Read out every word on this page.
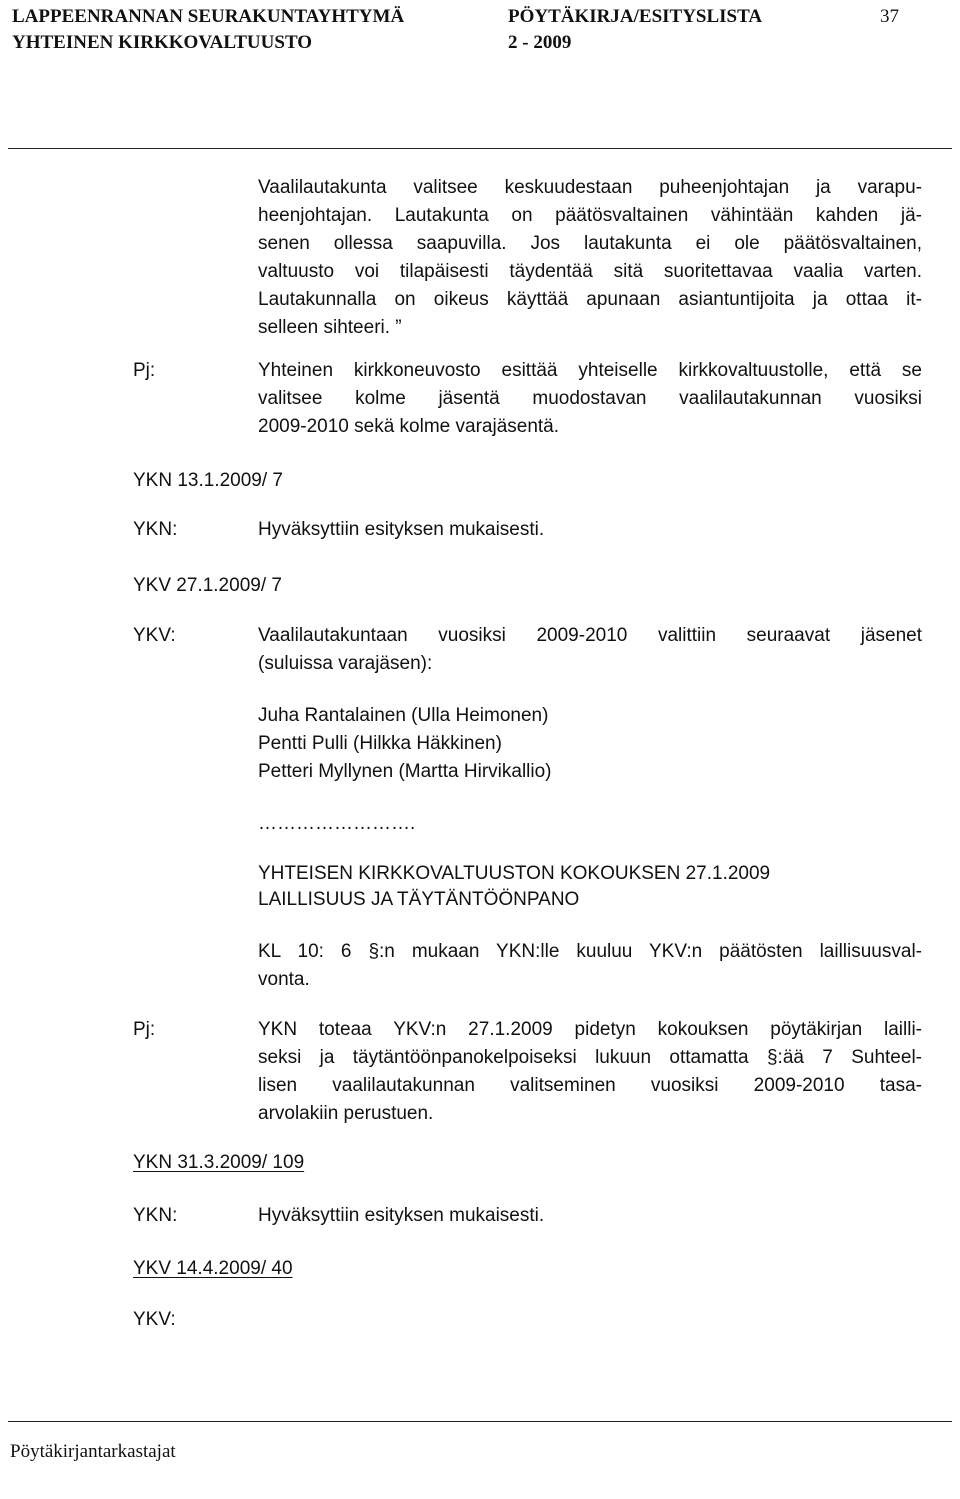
LAPPEENRANNAN SEURAKUNTAYHTYMÄ
YHTEINEN KIRKKOVALTUUSTO
PÖYTÄKIRJA/ESITYSLISTA
2 - 2009
37
Vaalilautakunta valitsee keskuudestaan puheenjohtajan ja varapu-
heenjohtajan. Lautakunta on päätösvaltainen vähintään kahden jä-
senen ollessa saapuvilla. Jos lautakunta ei ole päätösvaltainen,
valtuusto voi tilapäisesti täydentää sitä suoritettavaa vaalia varten.
Lautakunnalla on oikeus käyttää apunaan asiantuntijoita ja ottaa it-
selleen sihteeri. ”
Pj:	Yhteinen kirkkoneuvosto esittää yhteiselle kirkkovaltuustolle, että se
valitsee kolme jäsentä muodostavan vaalilautakunnan vuosiksi
2009-2010 sekä kolme varajäsentä.
YKN 13.1.2009/ 7
YKN:	Hyväksyttiin esityksen mukaisesti.
YKV 27.1.2009/ 7
YKV:	Vaalilautakuntaan vuosiksi 2009-2010 valittiin seuraavat jäsenet
(suluissa varajäsen):
Juha Rantalainen (Ulla Heimonen)
Pentti Pulli (Hilkka Häkkinen)
Petteri Myllynen (Martta Hirvikallio)
…………………….
YHTEISEN KIRKKOVALTUUSTON KOKOUKSEN 27.1.2009
LAILLISUUS JA TÄYTÄNTÖÖNPANO
KL 10: 6 §:n mukaan YKN:lle kuuluu YKV:n päätösten laillisuusval-
vonta.
Pj:	YKN toteaa YKV:n 27.1.2009 pidetyn kokouksen pöytäkirjan lailli-
seksi ja täytäntöönpanokelpoiseksi lukuun ottamatta §:ää 7 Suhteel-
lisen vaalilautakunnan valitseminen vuosiksi 2009-2010 tasa-
arvolakiin perustuen.
YKN 31.3.2009/ 109
YKN:	Hyväksyttiin esityksen mukaisesti.
YKV 14.4.2009/ 40
YKV:
Pöytäkirjantarkastajat
